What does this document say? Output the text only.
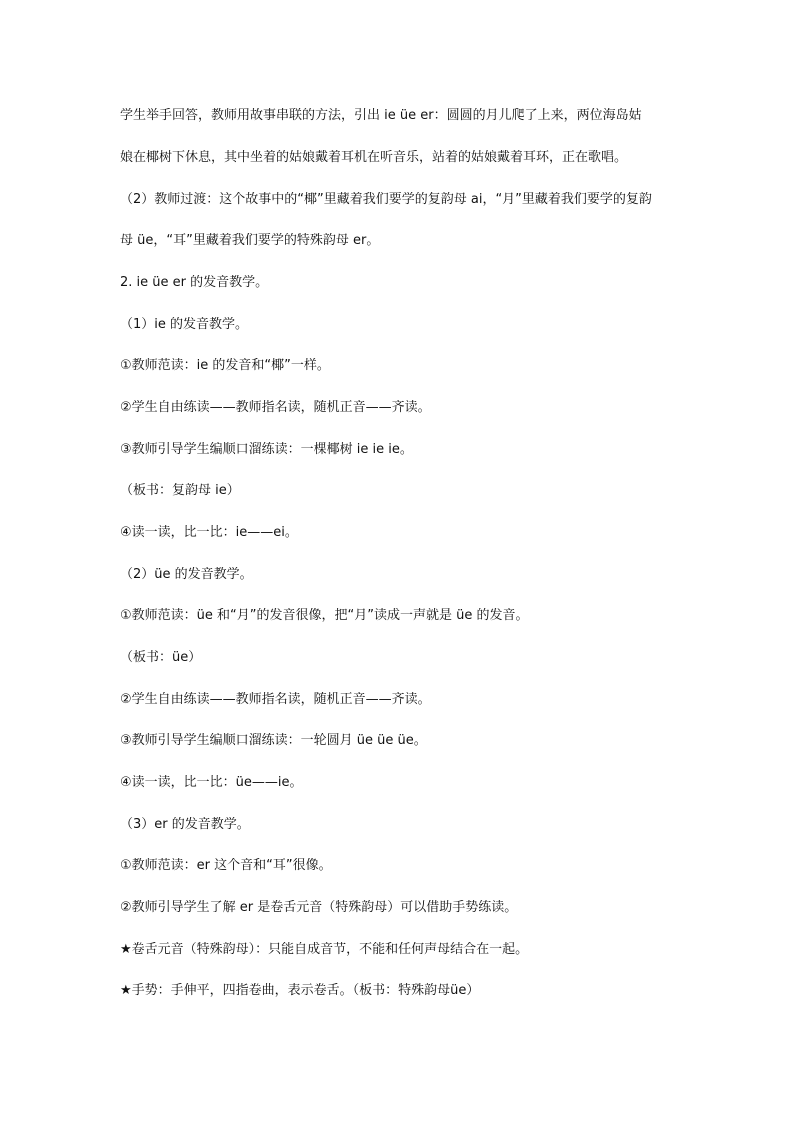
学生举手回答，教师用故事串联的方法，引出 ie üe er：圆圆的月儿爬了上来，两位海岛姑
娘在椰树下休息，其中坐着的姑娘戴着耳机在听音乐，站着的姑娘戴着耳环，正在歌唱。
（2）教师过渡：这个故事中的“椰”里藏着我们要学的复韵母 ai，“月”里藏着我们要学的复韵
母 üe，“耳”里藏着我们要学的特殊韵母 er。
2. ie üe er 的发音教学。
（1）ie 的发音教学。
①教师范读：ie 的发音和“椰”一样。
②学生自由练读——教师指名读，随机正音——齐读。
③教师引导学生编顺口溜练读：一棵椰树 ie ie ie。
（板书：复韵母 ie）
④读一读，比一比：ie——ei。
（2）üe 的发音教学。
①教师范读：üe 和“月”的发音很像，把“月”读成一声就是 üe 的发音。
（板书：üe）
②学生自由练读——教师指名读，随机正音——齐读。
③教师引导学生编顺口溜练读：一轮圆月 üe üe üe。
④读一读，比一比：üe——ie。
（3）er 的发音教学。
①教师范读：er 这个音和“耳”很像。
②教师引导学生了解 er 是卷舌元音（特殊韵母）可以借助手势练读。
★卷舌元音（特殊韵母）：只能自成音节，不能和任何声母结合在一起。
★手势：手伸平，四指卷曲，表示卷舌。（板书：特殊韵母üe）
